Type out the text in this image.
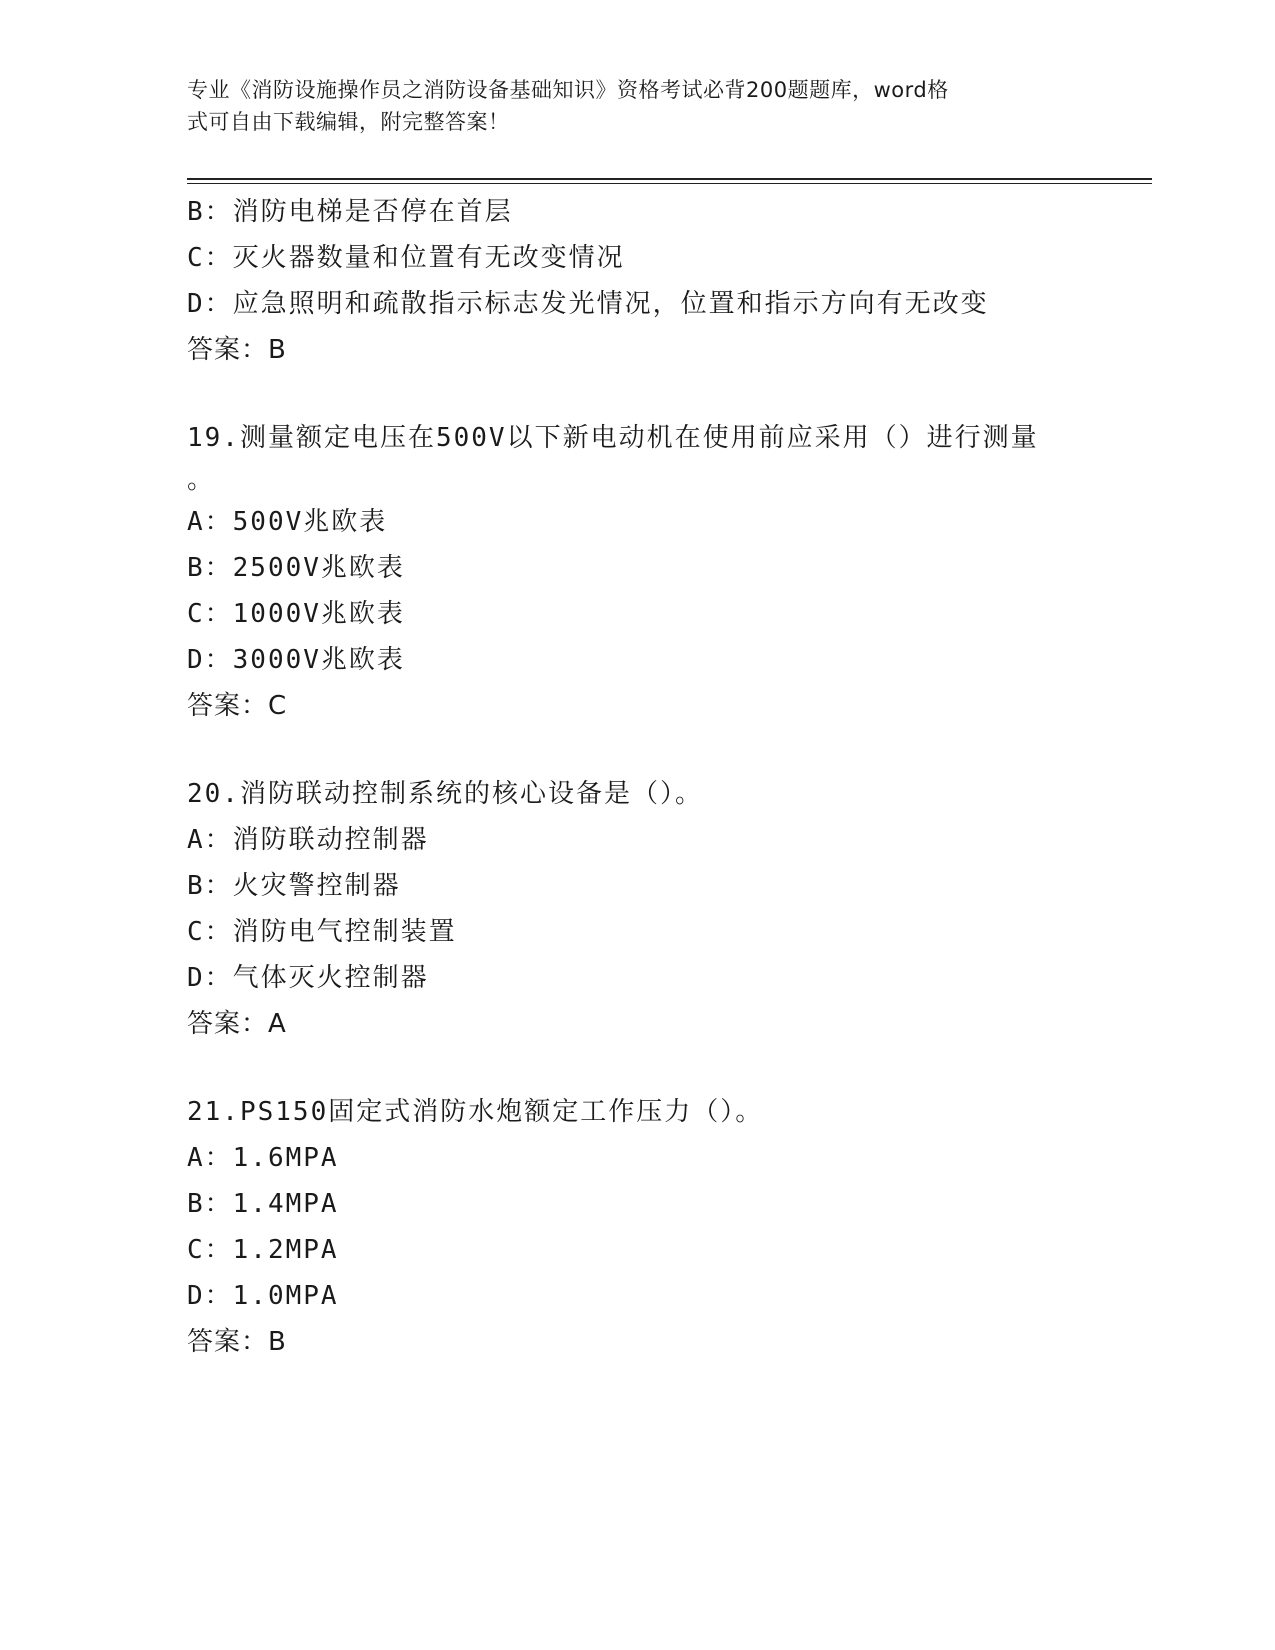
专业《消防设施操作员之消防设备基础知识》资格考试必背200题题库，word格
式可自由下载编辑，附完整答案！
B：消防电梯是否停在首层
C：灭火器数量和位置有无改变情况
D：应急照明和疏散指示标志发光情况，位置和指示方向有无改变
答案：B
19.测量额定电压在500V以下新电动机在使用前应采用（）进行测量
。
A：500V兆欧表
B：2500V兆欧表
C：1000V兆欧表
D：3000V兆欧表
答案：C
20.消防联动控制系统的核心设备是（）。
A：消防联动控制器
B：火灾警控制器
C：消防电气控制装置
D：气体灭火控制器
答案：A
21.PS150固定式消防水炮额定工作压力（）。
A：1.6MPA
B：1.4MPA
C：1.2MPA
D：1.0MPA
答案：B
